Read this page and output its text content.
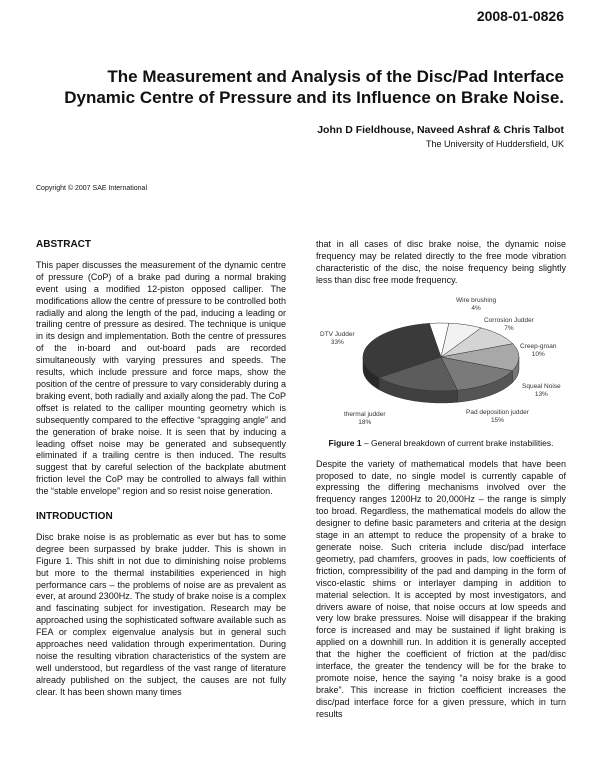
2008-01-0826
The Measurement and Analysis of the Disc/Pad Interface
Dynamic Centre of Pressure and its Influence on Brake Noise.
John D Fieldhouse, Naveed Ashraf & Chris Talbot
The University of Huddersfield, UK
Copyright © 2007 SAE International
ABSTRACT

This paper discusses the measurement of the dynamic centre of pressure (CoP) of a brake pad during a normal braking event using a modified 12-piston opposed calliper. The modifications allow the centre of pressure to be controlled both radially and along the length of the pad, inducing a leading or trailing centre of pressure as desired. The technique is unique in its design and implementation. Both the centre of pressures of the in-board and out-board pads are recorded simultaneously with varying pressures and speeds. The results, which include pressure and force maps, show the position of the centre of pressure to vary considerably during a braking event, both radially and axially along the pad. The CoP offset is related to the calliper mounting geometry which is subsequently compared to the effective “spragging angle” and the generation of brake noise. It is seen that by inducing a leading offset noise may be generated and subsequently eliminated if a trailing centre is then induced. The results suggest that by careful selection of the backplate abutment friction level the CoP may be controlled to always fall within the “stable envelope” region and so resist noise generation.

INTRODUCTION

Disc brake noise is as problematic as ever but has to some degree been surpassed by brake judder. This is shown in Figure 1. This shift in not due to diminishing noise problems but more to the thermal instabilities experienced in high performance cars – the problems of noise are as prevalent as ever, at around 2300Hz. The study of brake noise is a complex and fascinating subject for investigation. Research may be approached using the sophisticated software available such as FEA or complex eigenvalue analysis but in general such approaches need validation through experimentation. During noise the resulting vibration characteristics of the system are well understood, but regardless of the vast range of literature already published on the subject, the causes are not fully clear. It has been shown many times

that in all cases of disc brake noise, the dynamic noise frequency may be related directly to the free mode vibration characteristic of the disc, the noise frequency being slightly less than disc free mode frequency.

Wire brushing
4%
Corrosion Judder
7%
Creep-groan
10%
Squeal Noise
13%
Pad deposition judder
15%
thermal judder
18%
DTV Judder
33%
Figure 1 – General breakdown of current brake instabilities.

Despite the variety of mathematical models that have been proposed to date, no single model is currently capable of expressing the differing mechanisms involved over the frequency ranges 1200Hz to 20,000Hz – the range is simply too broad. Regardless, the mathematical models do allow the designer to define basic parameters and criteria at the design stage in an attempt to reduce the propensity of a brake to generate noise. Such criteria include disc/pad interface geometry, pad chamfers, grooves in pads, low coefficients of friction, compressibility of the pad and damping in the form of visco-elastic shims or interlayer damping in addition to material selection. It is accepted by most investigators, and drivers aware of noise, that noise occurs at low speeds and very low brake pressures. Noise will disappear if the braking force is increased and may be sustained if light braking is applied on a downhill run. In addition it is generally accepted that the higher the coefficient of friction at the pad/disc interface, the greater the tendency will be for the brake to promote noise, hence the saying “a noisy brake is a good brake”. This increase in friction coefficient increases the disc/pad interface force for a given pressure, which in turn results
